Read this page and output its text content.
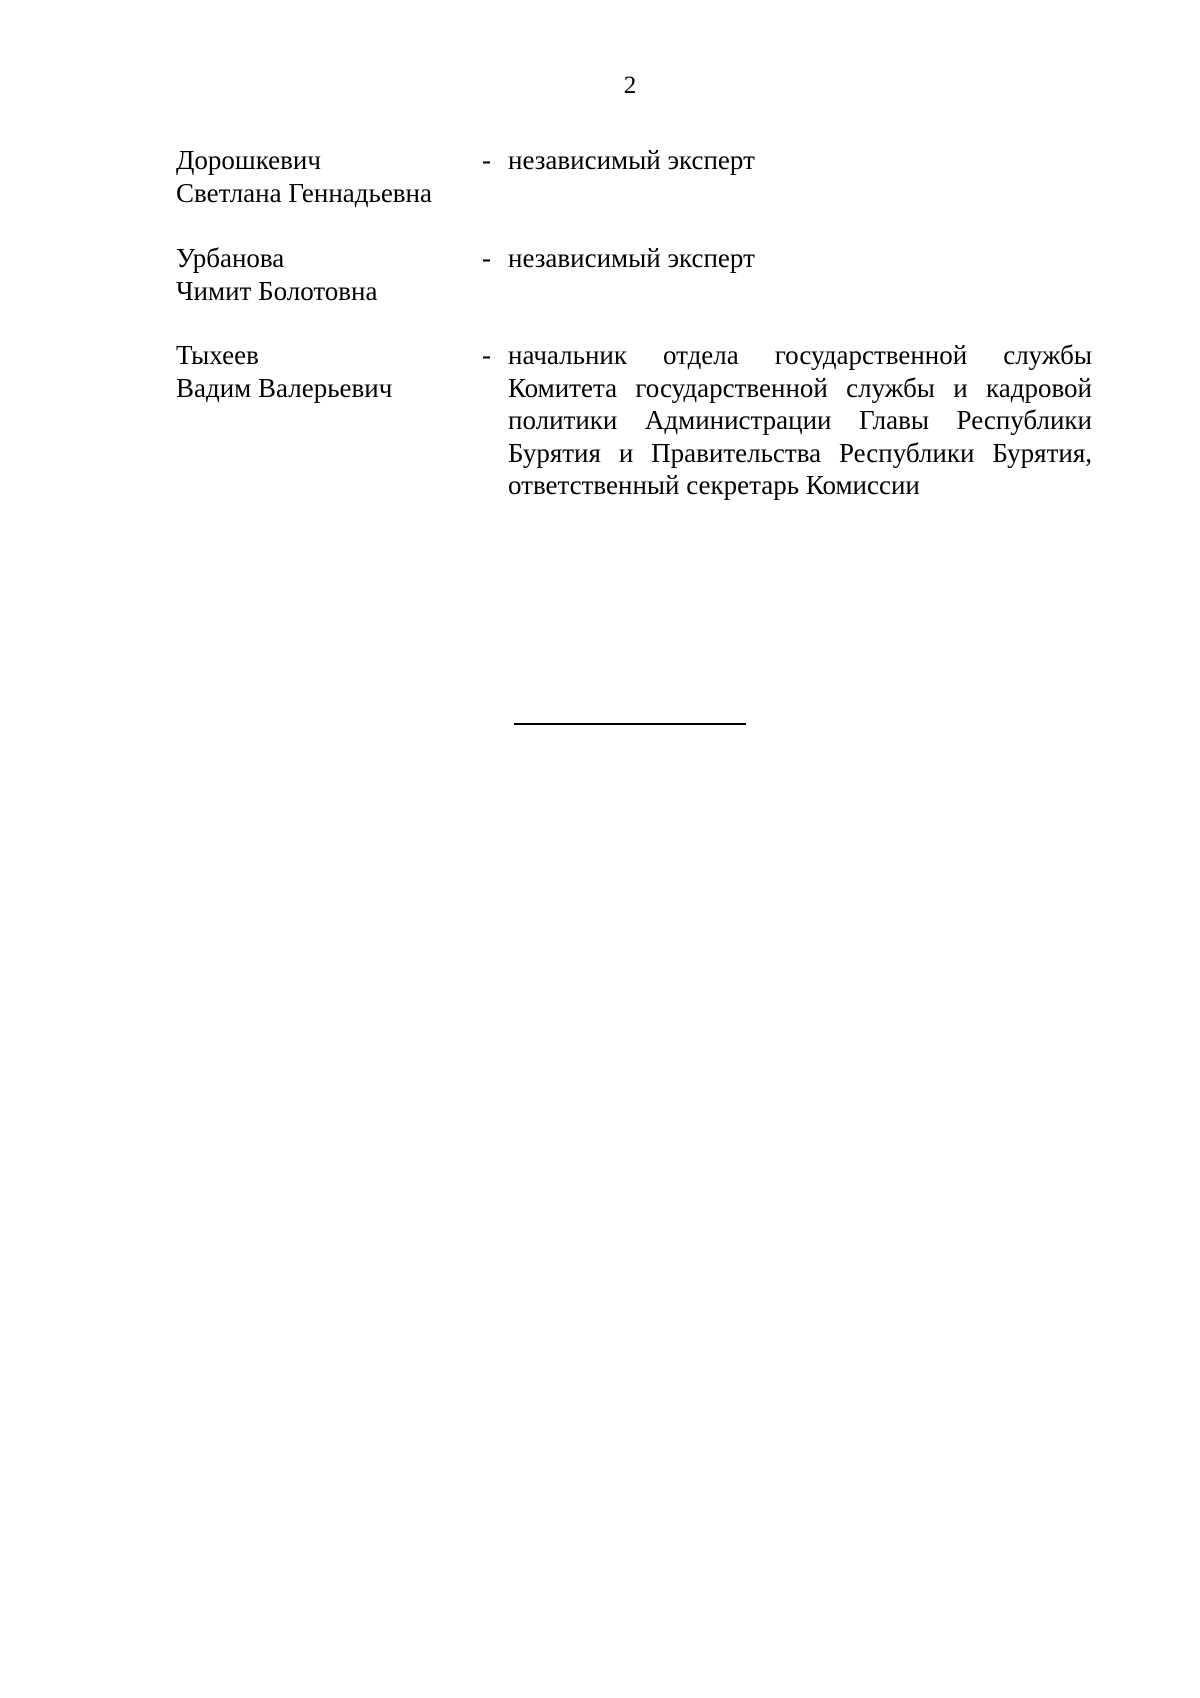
2
Дорошкевич
Светлана Геннадьевна
- независимый эксперт
Урбанова
Чимит Болотовна
- независимый эксперт
Тыхеев
Вадим Валерьевич
- начальник отдела государственной службы Комитета государственной службы и кадровой политики Администрации Главы Республики Бурятия и Правительства Республики Бурятия, ответственный секретарь Комиссии
